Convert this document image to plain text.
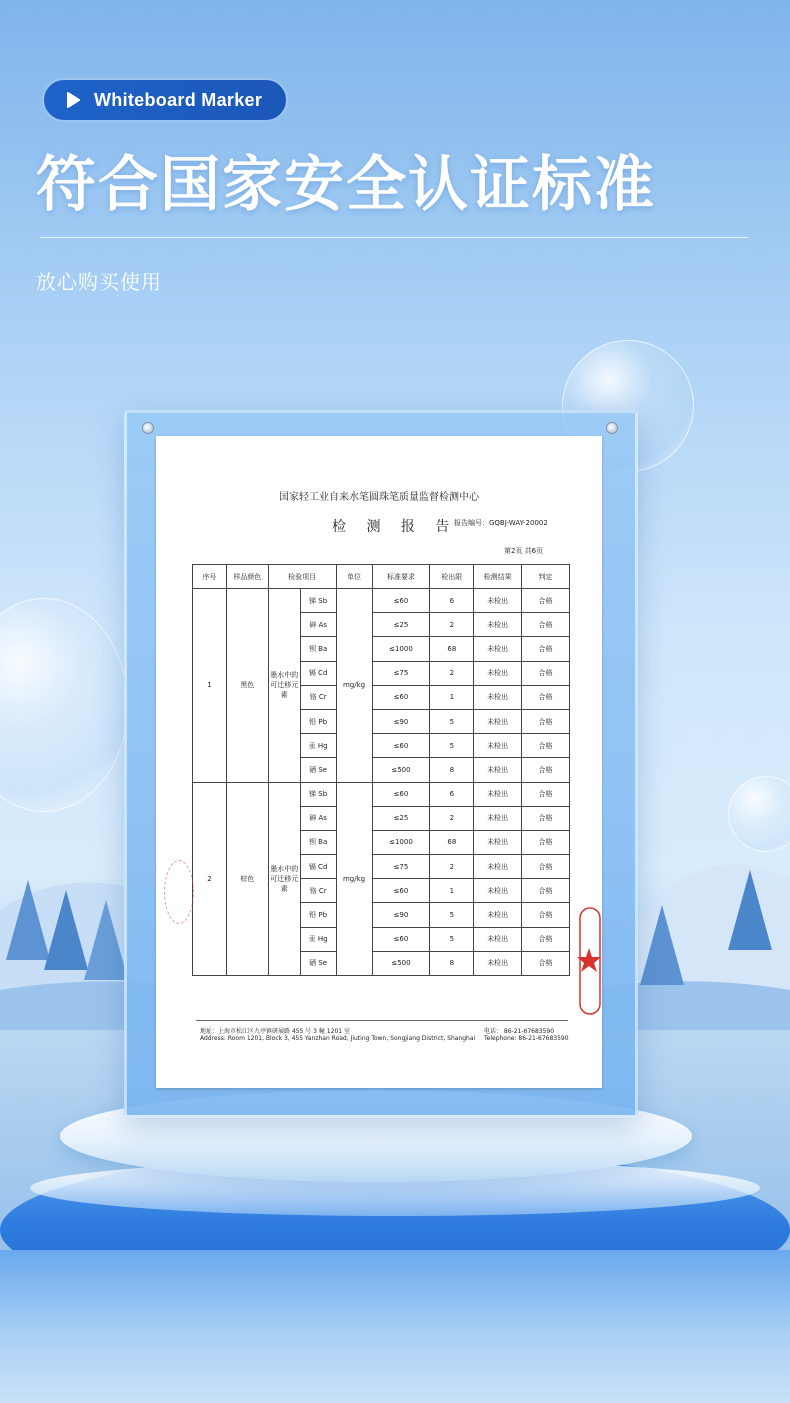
Whiteboard Marker
符合国家安全认证标准
放心购买使用
国家轻工业自来水笔圆珠笔质量监督检测中心
检 测 报 告
报告编号：GQBJ-WAY-20002
第2页 共6页
序号	样品颜色	检验项目		单位	标准要求	检出限	检测结果	判定
1	黑色	墨水中的可迁移元素	锑 Sb	mg/kg	≤60	6	未检出	合格
			砷 As		≤25	2	未检出	合格
			钡 Ba		≤1000	68	未检出	合格
			镉 Cd		≤75	2	未检出	合格
			铬 Cr		≤60	1	未检出	合格
			铅 Pb		≤90	5	未检出	合格
			汞 Hg		≤60	5	未检出	合格
			硒 Se		≤500	8	未检出	合格
2	棕色	墨水中的可迁移元素	锑 Sb	mg/kg	≤60	6	未检出	合格
			砷 As		≤25	2	未检出	合格
			钡 Ba		≤1000	68	未检出	合格
			镉 Cd		≤75	2	未检出	合格
			铬 Cr		≤60	1	未检出	合格
			铅 Pb		≤90	5	未检出	合格
			汞 Hg		≤60	5	未检出	合格
			硒 Se		≤500	8	未检出	合格
地址：上海市松江区九亭镇研展路 455 号 3 幢 1201 室
Address: Room 1201, Block 3, 455 Yanzhan Road, Jiuting Town, Songjiang District, Shanghai
电话： 86-21-67683590
Telephone: 86-21-67683590
